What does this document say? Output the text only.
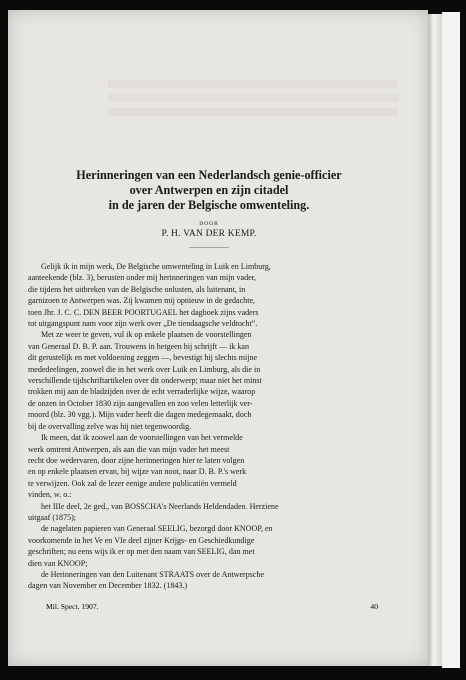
Herinneringen van een Nederlandsch genie-officier
over Antwerpen en zijn citadel
in de jaren der Belgische omwenteling.

DOOR
P. H. VAN DER KEMP.
Gelijk ik in mijn werk, De Belgische omwenteling in Luik en Limburg,
aanteekende (blz. 3), berusten onder mij herinneringen van mijn vader,
die tijdens het uitbreken van de Belgische onlusten, als luitenant, in
garnizoen te Antwerpen was. Zij kwamen mij opnieuw in de gedachte,
toen Jhr. J. C. C. DEN BEER POORTUGAEL het dagboek zijns vaders
tot uitgangspunt nam voor zijn werk over „De tiendaagsche veldtocht”.
Met ze weer te geven, vul ik op enkele plaatsen de voorstellingen
van Generaal D. B. P. aan. Trouwens in hetgeen hij schrijft — ik kan
dit gerustelijk en met voldoening zeggen —, bevestigt hij slechts mijne
mededeelingen, zoowel die in het werk over Luik en Limburg, als die in
verschillende tijdschriftartikelen over dit onderwerp; maar niet het minst
trokken mij aan de bladzijden over de echt verraderlijke wijze, waarop
de onzen in October 1830 zijn aangevallen en zoo velen letterlijk ver-
moord (blz. 30 vgg.). Mijn vader heeft die dagen medegemaakt, doch
bij de overvalling zelve was hij niet tegenwoordig.
Ik meen, dat ik zoowel aan de voorstellingen van het vermelde
werk omtrent Antwerpen, als aan die van mijn vader het meest
recht doe wedervaren, door zijne herinneringen hier te laten volgen
en op enkele plaatsen ervan, bij wijze van noot, naar D. B. P.'s werk
te verwijzen. Ook zal de lezer eenige andere publicatiën vermeld
vinden, w. o.:
het IIIe deel, 2e ged., van BOSSCHA's Neerlands Heldendaden. Herziene
uitgaaf (1875);
de nagelaten papieren van Generaal SEELIG, bezorgd door KNOOP, en
voorkomende in het Ve en VIe deel zijner Krijgs- en Geschiedkundige
geschriften; nu eens wijs ik er op met den naam van SEELIG, dan met
dien van KNOOP;
de Herinneringen van den Luitenant STRAATS over de Antwerpsche
dagen van November en December 1832. (1843.)
Mil. Spect. 1907.	40
